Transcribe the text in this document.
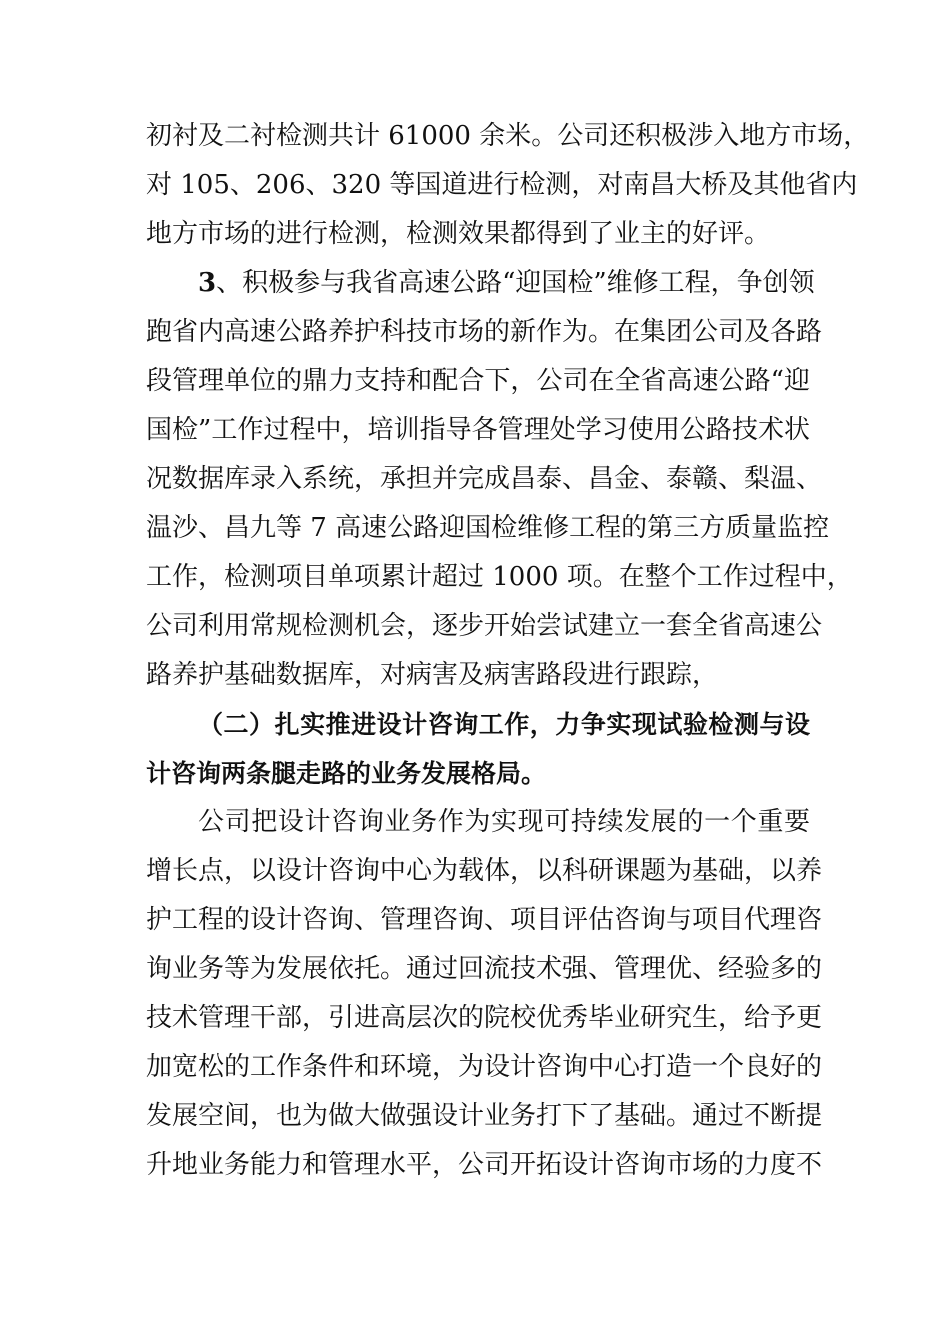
初衬及二衬检测共计 61000 余米。公司还积极涉入地方市场，
对 105、206、320 等国道进行检测，对南昌大桥及其他省内
地方市场的进行检测，检测效果都得到了业主的好评。
3、积极参与我省高速公路“迎国检”维修工程，争创领
跑省内高速公路养护科技市场的新作为。在集团公司及各路
段管理单位的鼎力支持和配合下，公司在全省高速公路“迎
国检”工作过程中，培训指导各管理处学习使用公路技术状
况数据库录入系统，承担并完成昌泰、昌金、泰赣、梨温、
温沙、昌九等 7 高速公路迎国检维修工程的第三方质量监控
工作，检测项目单项累计超过 1000 项。在整个工作过程中，
公司利用常规检测机会，逐步开始尝试建立一套全省高速公
路养护基础数据库，对病害及病害路段进行跟踪，
（二）扎实推进设计咨询工作，力争实现试验检测与设
计咨询两条腿走路的业务发展格局。
公司把设计咨询业务作为实现可持续发展的一个重要
增长点，以设计咨询中心为载体，以科研课题为基础，以养
护工程的设计咨询、管理咨询、项目评估咨询与项目代理咨
询业务等为发展依托。通过回流技术强、管理优、经验多的
技术管理干部，引进高层次的院校优秀毕业研究生，给予更
加宽松的工作条件和环境，为设计咨询中心打造一个良好的
发展空间，也为做大做强设计业务打下了基础。通过不断提
升地业务能力和管理水平，公司开拓设计咨询市场的力度不
